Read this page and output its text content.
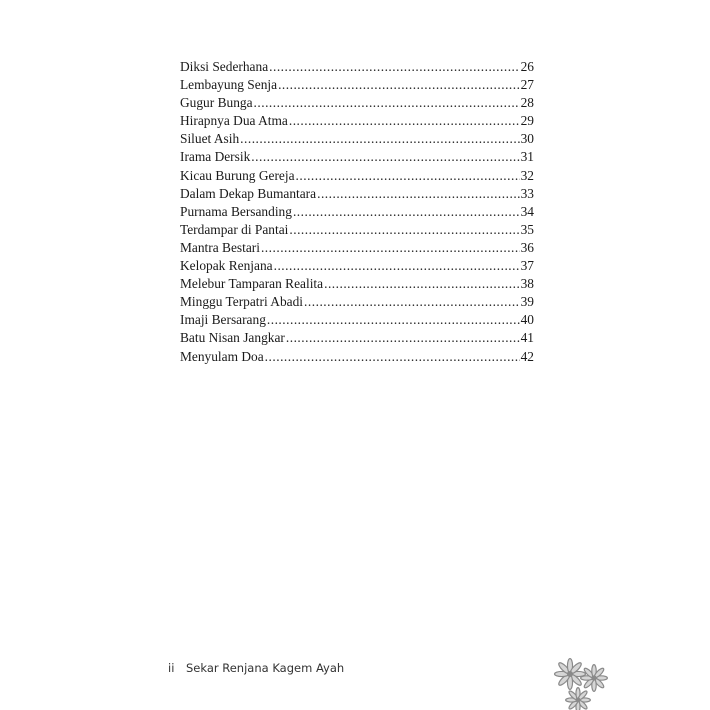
Diksi Sederhana .....	26
Lembayung Senja .....	27
Gugur Bunga .....	28
Hirapnya Dua Atma .....	29
Siluet Asih .....	30
Irama Dersik .....	31
Kicau Burung Gereja .....	32
Dalam Dekap Bumantara .....	33
Purnama Bersanding .....	34
Terdampar di Pantai .....	35
Mantra Bestari .....	36
Kelopak Renjana .....	37
Melebur Tamparan Realita .....	38
Minggu Terpatri Abadi .....	39
Imaji Bersarang .....	40
Batu Nisan Jangkar .....	41
Menyulam Doa .....	42
ii Sekar Renjana Kagem Ayah
